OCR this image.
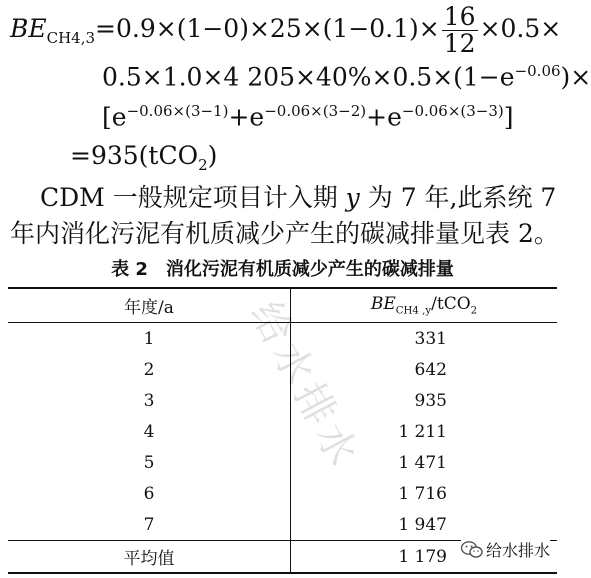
$BE_{CH4,3}=0.9\times(1-0)\times 25\times(1-0.1)\times \frac{16}{12} \times 0.5\times$
0.5×1.0×4 $205\times 40\%\times 0.5\times(1-e^{-0.06})\times$
$[e^{-0.06\times(3-1)}+e^{-0.06\times(3-2)}+e^{-0.06\times(3-3)}]$
=935(tCO$_2$)
CDM 一般规定项目计入期 y 为 7 年,此系统 7
年内消化污泥有机质减少产生的碳减排量见表 2。
表 2　消化污泥有机质减少产生的碳减排量
给水排水
年度/a	$BE_{CH4 ,y}/tCO_2$
1	331
2	642
3	935
4	1 211
5	1 471
6	1 716
7	1 947
平均值	1 179 给水排水
